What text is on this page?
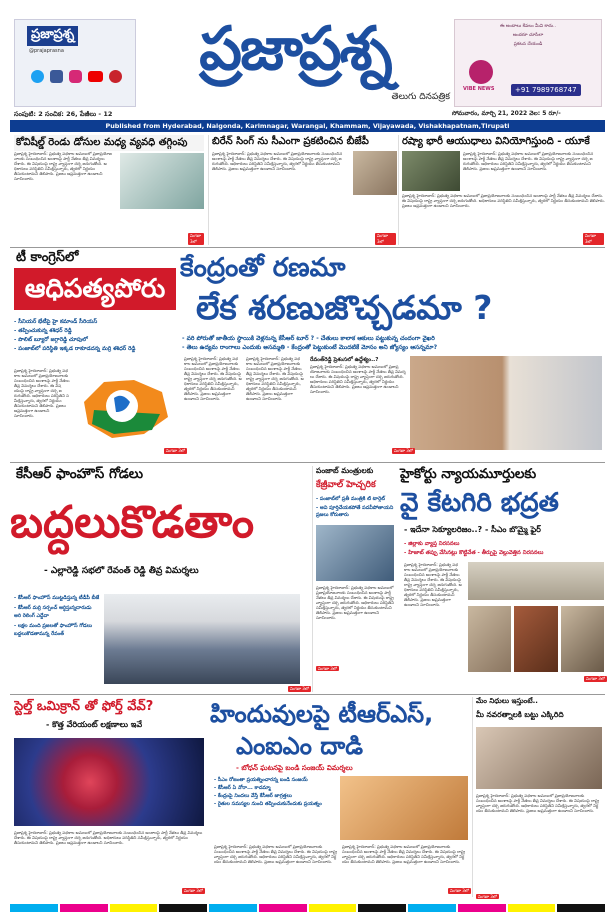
ప్రజాప్రశ్న
@prajaprasna	ప్రజాప్రశ్న
తెలుగు దినపత్రిక
ఈ అందాలు కేవలం మీవి కాదు..
అందరూ చూసేలా
ప్రకటన చేయండి
VIBE NEWS	+91 7989768747
సంపుటి: 2 సంచిక: 26, పేజీలు - 12	సోమవారం, మార్చి 21, 2022 వెల: 5 రూ/-
Published from Hyderabad, Nalgonda, Karimnagar, Warangal, Khammam, Vijayawada, Vishakhapatnam,Tirupati
కోవిషీల్డ్ రెండు డోసుల మధ్య వ్యవధి తగ్గింపు
ప్రజాప్రశ్న హైదరాబాద్: ప్రభుత్వ పథకాల అమలులో ప్రజాప్రయోజనాలకు సంబంధించిన అంశాలపై పార్టీ నేతలు తీవ్ర విమర్శలు చేశారు. ఈ విషయంపై రాష్ట్ర వ్యాప్తంగా చర్చ జరుగుతోంది. అధికారులు పరిస్థితిని సమీక్షిస్తున్నారు, త్వరలో నిర్ణయం తీసుకుంటామని తెలిపారు. ప్రజలు అప్రమత్తంగా ఉండాలని సూచించారు.
మిగతా 3లో
బిరేన్ సింగ్ ను సీఎంగా ప్రకటించిన బీజేపీ
ప్రజాప్రశ్న హైదరాబాద్: ప్రభుత్వ పథకాల అమలులో ప్రజాప్రయోజనాలకు సంబంధించిన అంశాలపై పార్టీ నేతలు తీవ్ర విమర్శలు చేశారు. ఈ విషయంపై రాష్ట్ర వ్యాప్తంగా చర్చ జరుగుతోంది. అధికారులు పరిస్థితిని సమీక్షిస్తున్నారు, త్వరలో నిర్ణయం తీసుకుంటామని తెలిపారు. ప్రజలు అప్రమత్తంగా ఉండాలని సూచించారు.
మిగతా 3లో
రష్యా భారీ ఆయుధాలు వినియోగిస్తుంది - యూకే
ప్రజాప్రశ్న హైదరాబాద్: ప్రభుత్వ పథకాల అమలులో ప్రజాప్రయోజనాలకు సంబంధించిన అంశాలపై పార్టీ నేతలు తీవ్ర విమర్శలు చేశారు. ఈ విషయంపై రాష్ట్ర వ్యాప్తంగా చర్చ జరుగుతోంది. అధికారులు పరిస్థితిని సమీక్షిస్తున్నారు, త్వరలో నిర్ణయం తీసుకుంటామని తెలిపారు. ప్రజలు అప్రమత్తంగా ఉండాలని సూచించారు.
ప్రజాప్రశ్న హైదరాబాద్: ప్రభుత్వ పథకాల అమలులో ప్రజాప్రయోజనాలకు సంబంధించిన అంశాలపై పార్టీ నేతలు తీవ్ర విమర్శలు చేశారు. ఈ విషయంపై రాష్ట్ర వ్యాప్తంగా చర్చ జరుగుతోంది. అధికారులు పరిస్థితిని సమీక్షిస్తున్నారు, త్వరలో నిర్ణయం తీసుకుంటామని తెలిపారు. ప్రజలు అప్రమత్తంగా ఉండాలని సూచించారు.
మిగతా 3లో
టీ కాంగ్రెస్‌లో
ఆధిపత్యపోరు
- సీనియర్ భేటీపై హై కమాండ్ సీరియస్
- తప్పించుకున్న శశిధర్ రెడ్డి
- పొలిట్ బ్యూరో జగ్గారెడ్డి చూపులో
- పంజాబ్‌లో పరిస్థితి ఇక్కడ రాకూడదన్న మర్రి శశిధర్ రెడ్డి
ప్రజాప్రశ్న హైదరాబాద్: ప్రభుత్వ పథకాల అమలులో ప్రజాప్రయోజనాలకు సంబంధించిన అంశాలపై పార్టీ నేతలు తీవ్ర విమర్శలు చేశారు. ఈ విషయంపై రాష్ట్ర వ్యాప్తంగా చర్చ జరుగుతోంది. అధికారులు పరిస్థితిని సమీక్షిస్తున్నారు, త్వరలో నిర్ణయం తీసుకుంటామని తెలిపారు. ప్రజలు అప్రమత్తంగా ఉండాలని సూచించారు.
మిగతా 3లో
కేంద్రంతో రణమా
లేక శరణుజొచ్చడమా ?
- వరి పోరుతో జాతీయ స్థాయికి వెళ్లనున్న కేసీఆర్ టూర్ ? - చేతులు కాలాక ఆకులు పట్టుకున్న చందంగా వైఖరి
- తెలు ఉద్యమ రాంగాలు ఎందుకు అసమ్మతి - కేంద్రంతో పెట్టుకుంటే మొదటికే మోసం అని జ్యోస్యం ఆసన్నమా?
ప్రజాప్రశ్న హైదరాబాద్: ప్రభుత్వ పథకాల అమలులో ప్రజాప్రయోజనాలకు సంబంధించిన అంశాలపై పార్టీ నేతలు తీవ్ర విమర్శలు చేశారు. ఈ విషయంపై రాష్ట్ర వ్యాప్తంగా చర్చ జరుగుతోంది. అధికారులు పరిస్థితిని సమీక్షిస్తున్నారు, త్వరలో నిర్ణయం తీసుకుంటామని తెలిపారు. ప్రజలు అప్రమత్తంగా ఉండాలని సూచించారు.
ప్రజాప్రశ్న హైదరాబాద్: ప్రభుత్వ పథకాల అమలులో ప్రజాప్రయోజనాలకు సంబంధించిన అంశాలపై పార్టీ నేతలు తీవ్ర విమర్శలు చేశారు. ఈ విషయంపై రాష్ట్ర వ్యాప్తంగా చర్చ జరుగుతోంది. అధికారులు పరిస్థితిని సమీక్షిస్తున్నారు, త్వరలో నిర్ణయం తీసుకుంటామని తెలిపారు. ప్రజలు అప్రమత్తంగా ఉండాలని సూచించారు.
రేవంత్‌రెడ్డి ప్రెశంసలో ఉద్దేశ్యం..?
ప్రజాప్రశ్న హైదరాబాద్: ప్రభుత్వ పథకాల అమలులో ప్రజాప్రయోజనాలకు సంబంధించిన అంశాలపై పార్టీ నేతలు తీవ్ర విమర్శలు చేశారు. ఈ విషయంపై రాష్ట్ర వ్యాప్తంగా చర్చ జరుగుతోంది. అధికారులు పరిస్థితిని సమీక్షిస్తున్నారు, త్వరలో నిర్ణయం తీసుకుంటామని తెలిపారు. ప్రజలు అప్రమత్తంగా ఉండాలని సూచించారు.
మిగతా 3లో
కేసీఆర్ ఫాంహౌస్ గోడలు
బద్దలుకొడతాం
- ఎల్లారెడ్డి సభలో రేవంత్ రెడ్డి తీవ్ర విమర్శలు
- కేసీఆర్ ఫాంహౌస్ ముట్టడిస్తున్న టీడీపీ బీజే
- కేసీఆర్ మర్రి సర్పంచ్ ఆర్ధిస్తున్నదారుడు అరి రెలింగ్ ఎద్దేవా
- లక్షల మంది ప్రజలతో ఫాంహౌస్ గోడలు బద్దలుకొడతామన్న రేవంత్
మిగతా 3లో
పంజాబ్ మంత్రులకు
కేజ్రీవాల్ హెచ్చరిక
- పంజాబ్‌లో ప్రతీ మంత్రికి టి టార్గెట్
- అవి పూర్తిచేయకపోతే పదవీపోతాయని ప్రజలు కోరుతారు
ప్రజాప్రశ్న హైదరాబాద్: ప్రభుత్వ పథకాల అమలులో ప్రజాప్రయోజనాలకు సంబంధించిన అంశాలపై పార్టీ నేతలు తీవ్ర విమర్శలు చేశారు. ఈ విషయంపై రాష్ట్ర వ్యాప్తంగా చర్చ జరుగుతోంది. అధికారులు పరిస్థితిని సమీక్షిస్తున్నారు, త్వరలో నిర్ణయం తీసుకుంటామని తెలిపారు. ప్రజలు అప్రమత్తంగా ఉండాలని సూచించారు.
మిగతా 3లో
హైకోర్టు న్యాయమూర్తులకు
వై కేటగిరి భద్రత
- ఇదేనా సెక్యూలరిజం..? - సీఎం బొమ్మై ఫైర్
- జిల్లాకు వ్యాప్త నిరసనలు
- హిజాబ్ తప్పు వేసినట్లు కొట్టివేత - తీర్పుపై వెల్లువెత్తిన నిరసనలు
ప్రజాప్రశ్న హైదరాబాద్: ప్రభుత్వ పథకాల అమలులో ప్రజాప్రయోజనాలకు సంబంధించిన అంశాలపై పార్టీ నేతలు తీవ్ర విమర్శలు చేశారు. ఈ విషయంపై రాష్ట్ర వ్యాప్తంగా చర్చ జరుగుతోంది. అధికారులు పరిస్థితిని సమీక్షిస్తున్నారు, త్వరలో నిర్ణయం తీసుకుంటామని తెలిపారు. ప్రజలు అప్రమత్తంగా ఉండాలని సూచించారు.
మిగతా 3లో
స్టెల్త్ ఒమిక్రాన్ తో ఫోర్త్ వేవ్?
- కొత్త వేరియంట్ లక్షణాలు ఇవే
ప్రజాప్రశ్న హైదరాబాద్: ప్రభుత్వ పథకాల అమలులో ప్రజాప్రయోజనాలకు సంబంధించిన అంశాలపై పార్టీ నేతలు తీవ్ర విమర్శలు చేశారు. ఈ విషయంపై రాష్ట్ర వ్యాప్తంగా చర్చ జరుగుతోంది. అధికారులు పరిస్థితిని సమీక్షిస్తున్నారు, త్వరలో నిర్ణయం తీసుకుంటామని తెలిపారు. ప్రజలు అప్రమత్తంగా ఉండాలని సూచించారు.
మిగతా 3లో
హిందువులపై టీఆర్ఎస్,
ఎంఐఎం దాడి
- బోధన్ ఘటనపై బండి సంజయ్ విమర్శలు
- సీఎం రోజంతా ప్రయత్నించారన్న బండి సంజయ్
- కేసీఆర్ ఏ నోరా... కాదమ్మా
- కేంద్రంపై నిందలు వేస్తే కేసీఆర్ జాగ్రత్తలు
- రైతుల సమస్యల నుంచి తప్పించుకునేందుకు ప్రయత్నం
ప్రజాప్రశ్న హైదరాబాద్: ప్రభుత్వ పథకాల అమలులో ప్రజాప్రయోజనాలకు సంబంధించిన అంశాలపై పార్టీ నేతలు తీవ్ర విమర్శలు చేశారు. ఈ విషయంపై రాష్ట్ర వ్యాప్తంగా చర్చ జరుగుతోంది. అధికారులు పరిస్థితిని సమీక్షిస్తున్నారు, త్వరలో నిర్ణయం తీసుకుంటామని తెలిపారు. ప్రజలు అప్రమత్తంగా ఉండాలని సూచించారు.
ప్రజాప్రశ్న హైదరాబాద్: ప్రభుత్వ పథకాల అమలులో ప్రజాప్రయోజనాలకు సంబంధించిన అంశాలపై పార్టీ నేతలు తీవ్ర విమర్శలు చేశారు. ఈ విషయంపై రాష్ట్ర వ్యాప్తంగా చర్చ జరుగుతోంది. అధికారులు పరిస్థితిని సమీక్షిస్తున్నారు, త్వరలో నిర్ణయం తీసుకుంటామని తెలిపారు. ప్రజలు అప్రమత్తంగా ఉండాలని సూచించారు.
మిగతా 3లో
మేం నిధులు ఇస్తుంటే..
మీ నవరత్నాలకి బట్టు ఎక్కిరిది
ప్రజాప్రశ్న హైదరాబాద్: ప్రభుత్వ పథకాల అమలులో ప్రజాప్రయోజనాలకు సంబంధించిన అంశాలపై పార్టీ నేతలు తీవ్ర విమర్శలు చేశారు. ఈ విషయంపై రాష్ట్ర వ్యాప్తంగా చర్చ జరుగుతోంది. అధికారులు పరిస్థితిని సమీక్షిస్తున్నారు, త్వరలో నిర్ణయం తీసుకుంటామని తెలిపారు. ప్రజలు అప్రమత్తంగా ఉండాలని సూచించారు.
మిగతా 3లో
